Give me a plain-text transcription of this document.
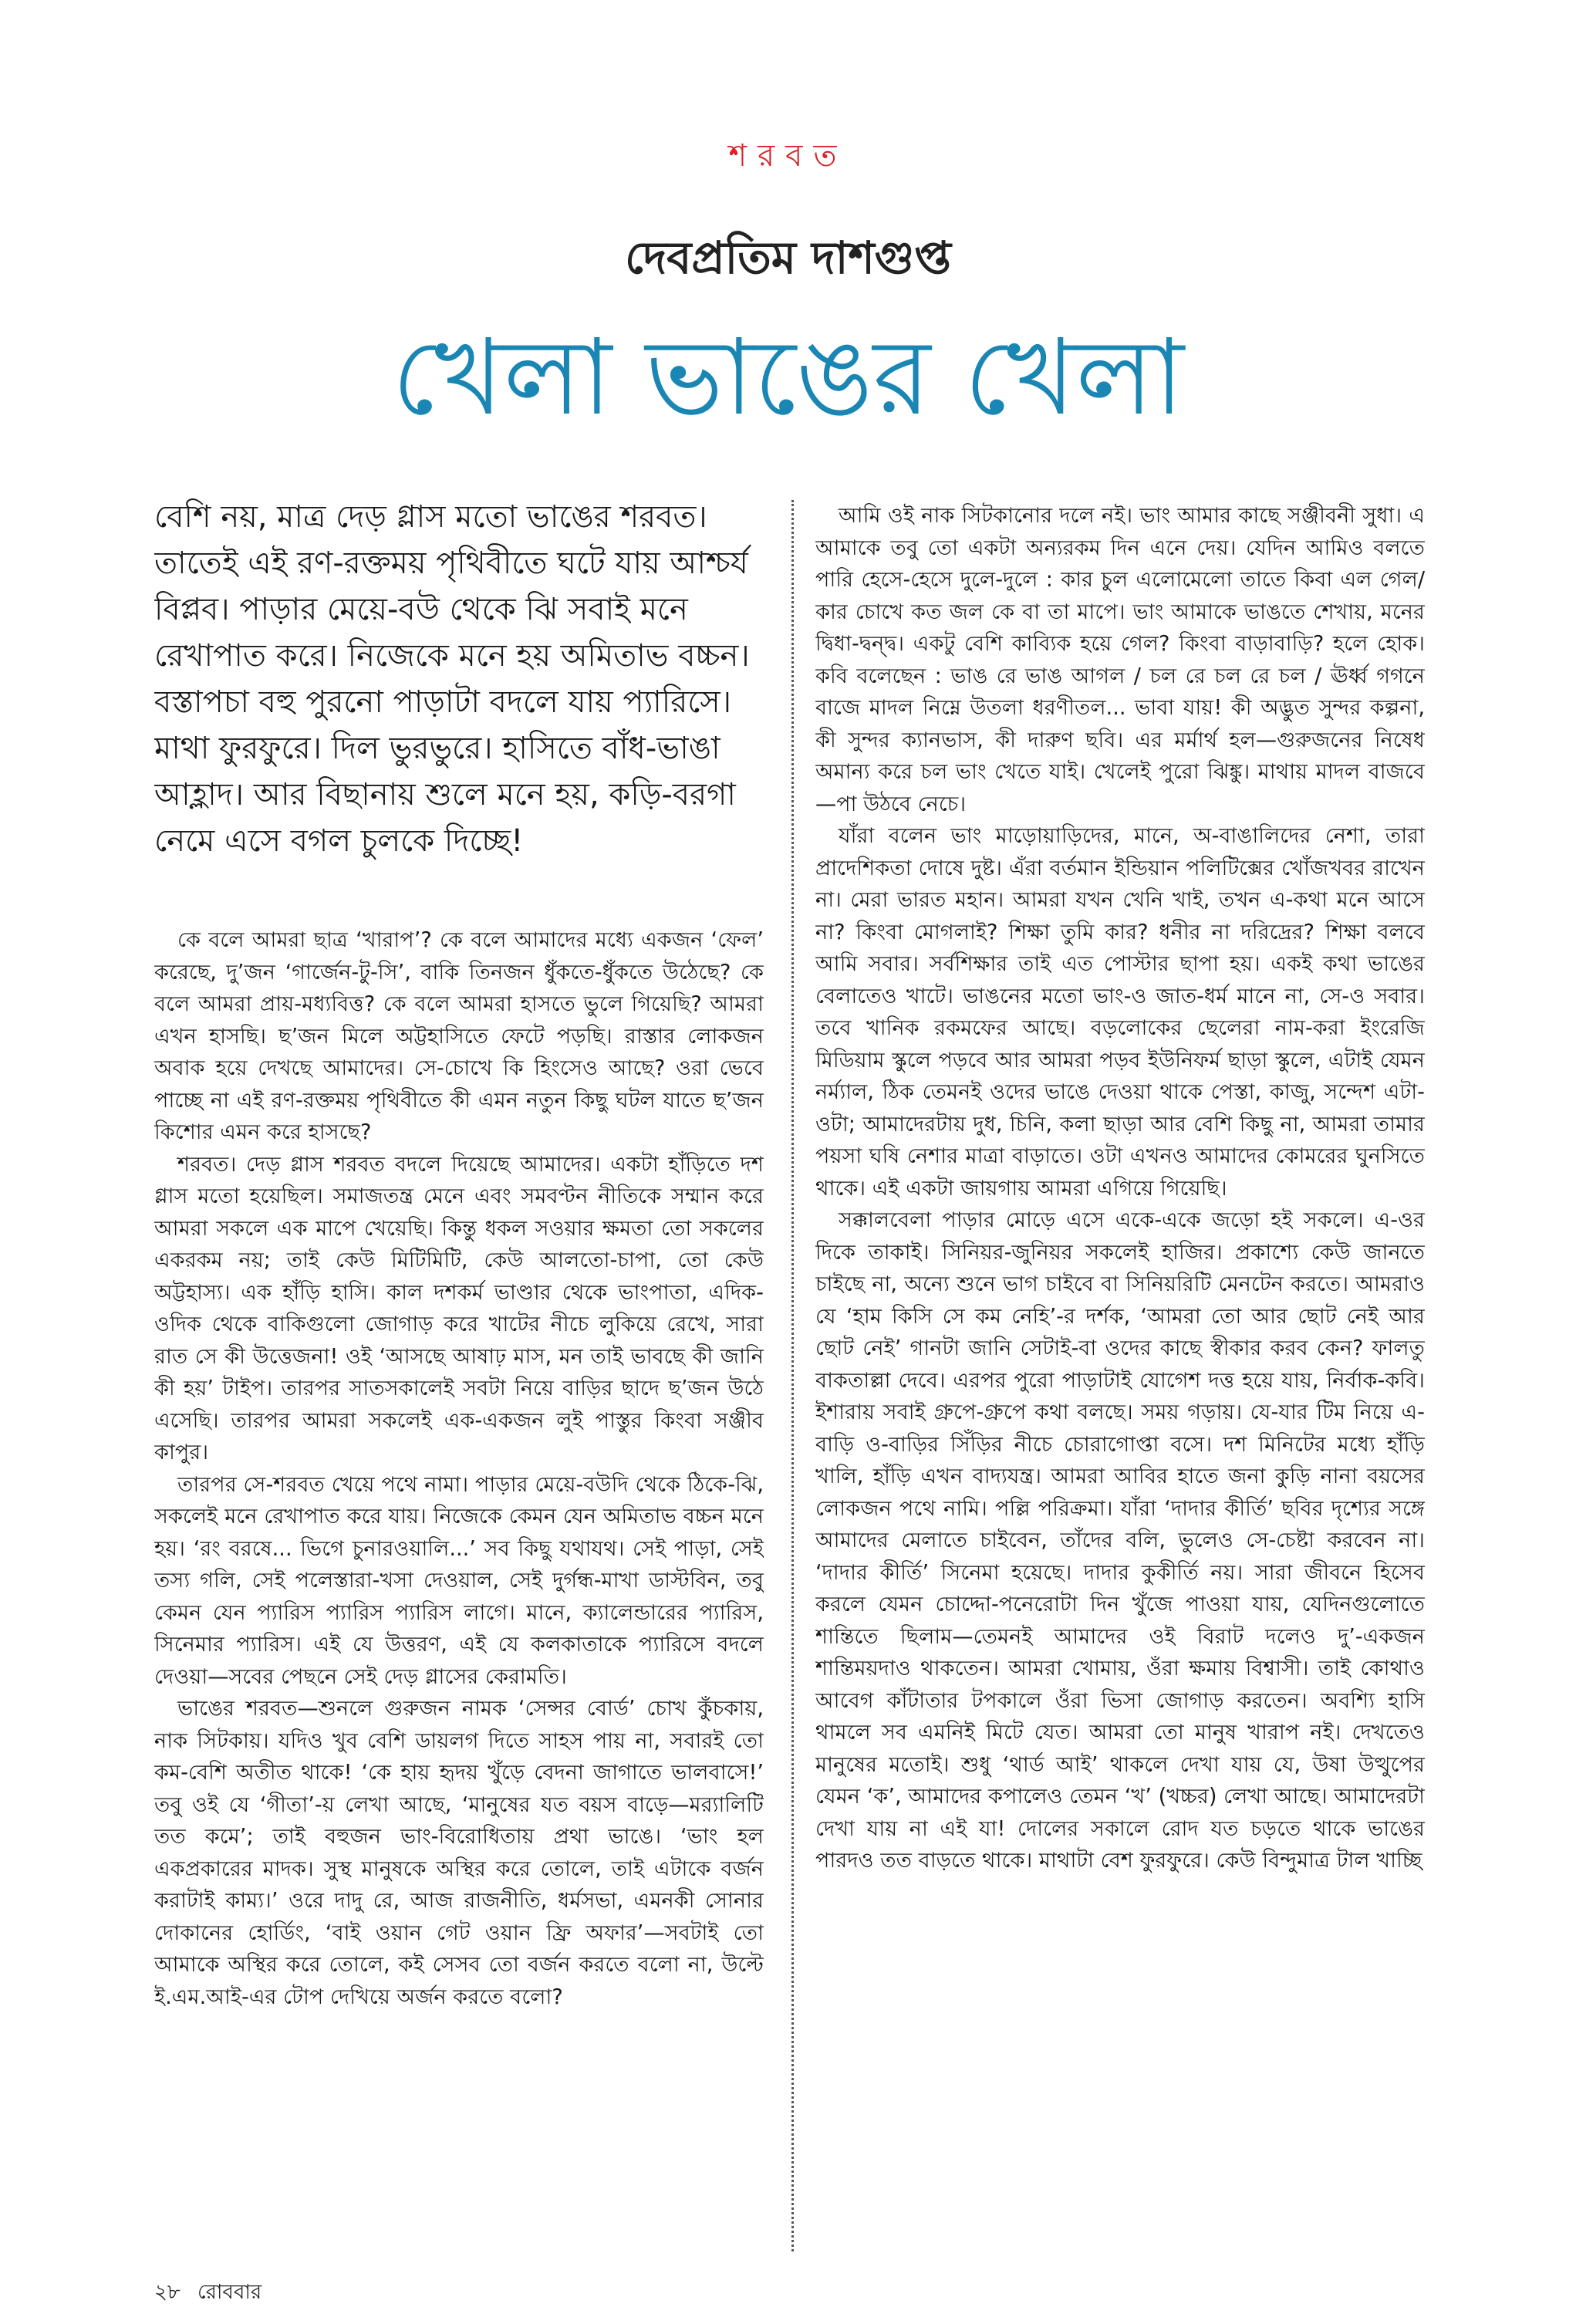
শরবত
দেবপ্রতিম দাশগুপ্ত
খেলা ভাঙের খেলা
বেশি নয়, মাত্র দেড় গ্লাস মতো ভাঙের শরবত। তাতেই এই রণ-রক্তময় পৃথিবীতে ঘটে যায় আশ্চর্য বিপ্লব। পাড়ার মেয়ে-বউ থেকে ঝি সবাই মনে রেখাপাত করে। নিজেকে মনে হয় অমিতাভ বচ্চন। বস্তাপচা বহু পুরনো পাড়াটা বদলে যায় প্যারিসে। মাথা ফুরফুরে। দিল ভুরভুরে। হাসিতে বাঁধ-ভাঙা আহ্লাদ। আর বিছানায় শুলে মনে হয়, কড়ি-বরগা নেমে এসে বগল চুলকে দিচ্ছে!

কে বলে আমরা ছাত্র ‘খারাপ’? কে বলে আমাদের মধ্যে একজন ‘ফেল’ করেছে, দু’জন ‘গার্জেন-টু-সি’, বাকি তিনজন ধুঁকতে-ধুঁকতে উঠেছে? কে বলে আমরা প্রায়-মধ্যবিত্ত? কে বলে আমরা হাসতে ভুলে গিয়েছি? আমরা এখন হাসছি। ছ’জন মিলে অট্টহাসিতে ফেটে পড়ছি। রাস্তার লোকজন অবাক হয়ে দেখছে আমাদের। সে-চোখে কি হিংসেও আছে? ওরা ভেবে পাচ্ছে না এই রণ-রক্তময় পৃথিবীতে কী এমন নতুন কিছু ঘটল যাতে ছ’জন কিশোর এমন করে হাসছে?

শরবত। দেড় গ্লাস শরবত বদলে দিয়েছে আমাদের। একটা হাঁড়িতে দশ গ্লাস মতো হয়েছিল। সমাজতন্ত্র মেনে এবং সমবণ্টন নীতিকে সম্মান করে আমরা সকলে এক মাপে খেয়েছি। কিন্তু ধকল সওয়ার ক্ষমতা তো সকলের একরকম নয়; তাই কেউ মিটিমিটি, কেউ আলতো-চাপা, তো কেউ অট্টহাস্য। এক হাঁড়ি হাসি। কাল দশকর্ম ভাণ্ডার থেকে ভাংপাতা, এদিক-ওদিক থেকে বাকিগুলো জোগাড় করে খাটের নীচে লুকিয়ে রেখে, সারা রাত সে কী উত্তেজনা! ওই ‘আসছে আষাঢ় মাস, মন তাই ভাবছে কী জানি কী হয়’ টাইপ। তারপর সাতসকালেই সবটা নিয়ে বাড়ির ছাদে ছ’জন উঠে এসেছি। তারপর আমরা সকলেই এক-একজন লুই পাস্তুর কিংবা সঞ্জীব কাপুর।

তারপর সে-শরবত খেয়ে পথে নামা। পাড়ার মেয়ে-বউদি থেকে ঠিকে-ঝি, সকলেই মনে রেখাপাত করে যায়। নিজেকে কেমন যেন অমিতাভ বচ্চন মনে হয়। ‘রং বরষে... ভিগে চুনারওয়ালি...’ সব কিছু যথাযথ। সেই পাড়া, সেই তস্য গলি, সেই পলেস্তারা-খসা দেওয়াল, সেই দুর্গন্ধ-মাখা ডাস্টবিন, তবু কেমন যেন প্যারিস প্যারিস প্যারিস লাগে। মানে, ক্যালেন্ডারের প্যারিস, সিনেমার প্যারিস। এই যে উত্তরণ, এই যে কলকাতাকে প্যারিসে বদলে দেওয়া—সবের পেছনে সেই দেড় গ্লাসের কেরামতি।

ভাঙের শরবত—শুনলে গুরুজন নামক ‘সেন্সর বোর্ড’ চোখ কুঁচকায়, নাক সিটকায়। যদিও খুব বেশি ডায়লগ দিতে সাহস পায় না, সবারই তো কম-বেশি অতীত থাকে! ‘কে হায় হৃদয় খুঁড়ে বেদনা জাগাতে ভালবাসে!’ তবু ওই যে ‘গীতা’-য় লেখা আছে, ‘মানুষের যত বয়স বাড়ে—মর‍্যালিটি তত কমে’; তাই বহুজন ভাং-বিরোধিতায় প্রথা ভাঙে। ‘ভাং হল একপ্রকারের মাদক। সুস্থ মানুষকে অস্থির করে তোলে, তাই এটাকে বর্জন করাটাই কাম্য।’ ওরে দাদু রে, আজ রাজনীতি, ধর্মসভা, এমনকী সোনার দোকানের হোর্ডিং, ‘বাই ওয়ান গেট ওয়ান ফ্রি অফার’—সবটাই তো আমাকে অস্থির করে তোলে, কই সেসব তো বর্জন করতে বলো না, উল্টে ই.এম.আই-এর টোপ দেখিয়ে অর্জন করতে বলো?

আমি ওই নাক সিটকানোর দলে নই। ভাং আমার কাছে সঞ্জীবনী সুধা। এ আমাকে তবু তো একটা অন্যরকম দিন এনে দেয়। যেদিন আমিও বলতে পারি হেসে-হেসে দুলে-দুলে : কার চুল এলোমেলো তাতে কিবা এল গেল/কার চোখে কত জল কে বা তা মাপে। ভাং আমাকে ভাঙতে শেখায়, মনের দ্বিধা-দ্বন্দ্ব। একটু বেশি কাব্যিক হয়ে গেল? কিংবা বাড়াবাড়ি? হলে হোক। কবি বলেছেন : ভাঙ রে ভাঙ আগল / চল রে চল রে চল / ঊর্ধ্ব গগনে বাজে মাদল নিম্নে উতলা ধরণীতল... ভাবা যায়! কী অদ্ভুত সুন্দর কল্পনা, কী সুন্দর ক্যানভাস, কী দারুণ ছবি। এর মর্মার্থ হল—গুরুজনের নিষেধ অমান্য করে চল ভাং খেতে যাই। খেলেই পুরো ঝিঙ্কু। মাথায় মাদল বাজবে—পা উঠবে নেচে।

যাঁরা বলেন ভাং মাড়োয়াড়িদের, মানে, অ-বাঙালিদের নেশা, তারা প্রাদেশিকতা দোষে দুষ্ট। এঁরা বর্তমান ইন্ডিয়ান পলিটিক্সের খোঁজখবর রাখেন না। মেরা ভারত মহান। আমরা যখন খেনি খাই, তখন এ-কথা মনে আসে না? কিংবা মোগলাই? শিক্ষা তুমি কার? ধনীর না দরিদ্রের? শিক্ষা বলবে আমি সবার। সর্বশিক্ষার তাই এত পোস্টার ছাপা হয়। একই কথা ভাঙের বেলাতেও খাটে। ভাঙনের মতো ভাং-ও জাত-ধর্ম মানে না, সে-ও সবার। তবে খানিক রকমফের আছে। বড়লোকের ছেলেরা নাম-করা ইংরেজি মিডিয়াম স্কুলে পড়বে আর আমরা পড়ব ইউনিফর্ম ছাড়া স্কুলে, এটাই যেমন নর্ম্যাল, ঠিক তেমনই ওদের ভাঙে দেওয়া থাকে পেস্তা, কাজু, সন্দেশ এটা-ওটা; আমাদেরটায় দুধ, চিনি, কলা ছাড়া আর বেশি কিছু না, আমরা তামার পয়সা ঘষি নেশার মাত্রা বাড়াতে। ওটা এখনও আমাদের কোমরের ঘুনসিতে থাকে। এই একটা জায়গায় আমরা এগিয়ে গিয়েছি।

সক্কালবেলা পাড়ার মোড়ে এসে একে-একে জড়ো হই সকলে। এ-ওর দিকে তাকাই। সিনিয়র-জুনিয়র সকলেই হাজির। প্রকাশ্যে কেউ জানতে চাইছে না, অন্যে শুনে ভাগ চাইবে বা সিনিয়রিটি মেনটেন করতে। আমরাও যে ‘হাম কিসি সে কম নেহি’-র দর্শক, ‘আমরা তো আর ছোট নেই আর ছোট নেই’ গানটা জানি সেটাই-বা ওদের কাছে স্বীকার করব কেন? ফালতু বাকতাল্লা দেবে। এরপর পুরো পাড়াটাই যোগেশ দত্ত হয়ে যায়, নির্বাক-কবি। ইশারায় সবাই গ্রুপে-গ্রুপে কথা বলছে। সময় গড়ায়। যে-যার টিম নিয়ে এ-বাড়ি ও-বাড়ির সিঁড়ির নীচে চোরাগোপ্তা বসে। দশ মিনিটের মধ্যে হাঁড়ি খালি, হাঁড়ি এখন বাদ্যযন্ত্র। আমরা আবির হাতে জনা কুড়ি নানা বয়সের লোকজন পথে নামি। পল্লি পরিক্রমা। যাঁরা ‘দাদার কীর্তি’ ছবির দৃশ্যের সঙ্গে আমাদের মেলাতে চাইবেন, তাঁদের বলি, ভুলেও সে-চেষ্টা করবেন না। ‘দাদার কীর্তি’ সিনেমা হয়েছে। দাদার কুকীর্তি নয়। সারা জীবনে হিসেব করলে যেমন চোদ্দো-পনেরোটা দিন খুঁজে পাওয়া যায়, যেদিনগুলোতে শান্তিতে ছিলাম—তেমনই আমাদের ওই বিরাট দলেও দু’-একজন শান্তিময়দাও থাকতেন। আমরা খোমায়, ওঁরা ক্ষমায় বিশ্বাসী। তাই কোথাও আবেগ কাঁটাতার টপকালে ওঁরা ভিসা জোগাড় করতেন। অবশ্যি হাসি থামলে সব এমনিই মিটে যেত। আমরা তো মানুষ খারাপ নই। দেখতেও মানুষের মতোই। শুধু ‘থার্ড আই’ থাকলে দেখা যায় যে, উষা উত্থুপের যেমন ‘ক’, আমাদের কপালেও তেমন ‘খ’ (খচ্চর) লেখা আছে। আমাদেরটা দেখা যায় না এই যা! দোলের সকালে রোদ যত চড়তে থাকে ভাঙের পারদও তত বাড়তে থাকে। মাথাটা বেশ ফুরফুরে। কেউ বিন্দুমাত্র টাল খাচ্ছি

২৮ রোববার
